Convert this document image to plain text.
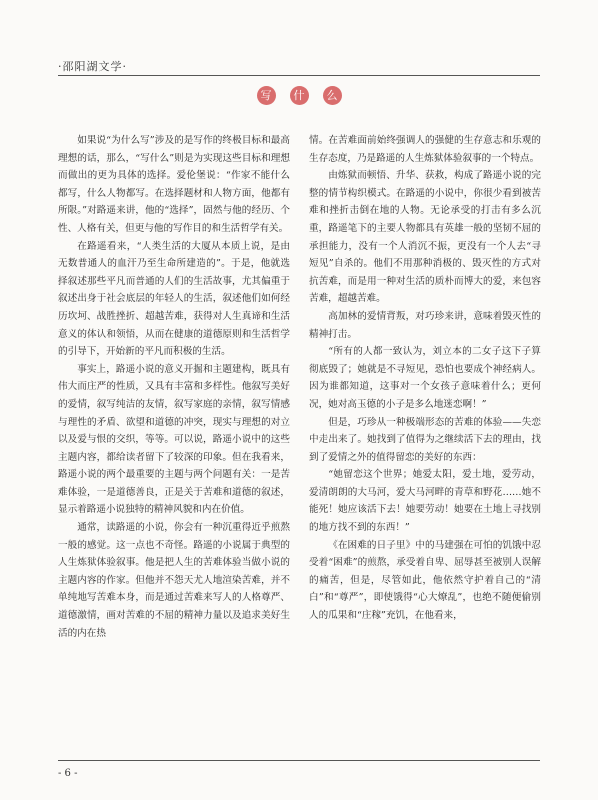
·邵阳湖文学·
写	什	么

如果说“为什么写”涉及的是写作的终极目标和最高理想的话，那么，“写什么”则是为实现这些目标和理想而做出的更为具体的选择。爱伦堡说：“作家不能什么都写，什么人物都写。在选择题材和人物方面，他都有所限。”对路遥来讲，他的“选择”，固然与他的经历、个性、人格有关，但更与他的写作目的和生活哲学有关。

在路遥看来，“人类生活的大厦从本质上说，是由无数普通人的血汗乃至生命所建造的”。于是，他就选择叙述那些平凡而普通的人们的生活故事，尤其偏重于叙述出身于社会底层的年轻人的生活，叙述他们如何经历坎坷、战胜挫折、超越苦难，获得对人生真谛和生活意义的体认和领悟，从而在健康的道德原则和生活哲学的引导下，开始新的平凡而积极的生活。

事实上，路遥小说的意义开掘和主题建构，既具有伟大而庄严的性质，又具有丰富和多样性。他叙写美好的爱情，叙写纯洁的友情，叙写家庭的亲情，叙写情感与理性的矛盾、欲望和道德的冲突，现实与理想的对立以及爱与恨的交织，等等。可以说，路遥小说中的这些主题内容，都给读者留下了较深的印象。但在我看来，路遥小说的两个最重要的主题与两个问题有关：一是苦难体验，一是道德善良，正是关于苦难和道德的叙述，显示着路遥小说独特的精神风貌和内在价值。

通常，读路遥的小说，你会有一种沉重得近乎煎熬一般的感觉。这一点也不奇怪。路遥的小说属于典型的人生炼狱体验叙事。他是把人生的苦难体验当做小说的主题内容的作家。但他并不怨天尤人地渲染苦难，并不单纯地写苦难本身，而是通过苦难来写人的人格尊严、道德激情，画对苦难的不屈的精神力量以及追求美好生活的内在热

情。在苦难面前始终强调人的强健的生存意志和乐观的生存态度，乃是路遥的人生炼狱体验叙事的一个特点。

由炼狱而顿悟、升华、获救，构成了路遥小说的完整的情节构织模式。在路遥的小说中，你很少看到被苦难和挫折击倒在地的人物。无论承受的打击有多么沉重，路遥笔下的主要人物都具有英雄一般的坚韧不屈的承担能力，没有一个人消沉不振，更没有一个人去“寻短见”自杀的。他们不用那种消极的、毁灭性的方式对抗苦难，而是用一种对生活的质朴而博大的爱，来包容苦难，超越苦难。

高加林的爱情背叛，对巧珍来讲，意味着毁灭性的精神打击。

“所有的人都一致认为，刘立本的二女子这下子算彻底毁了；她就是不寻短见，恐怕也要成个神经病人。因为谁都知道，这事对一个女孩子意味着什么；更何况，她对高玉德的小子是多么地迷恋啊！”

但是，巧珍从一种极端形态的苦难的体验——失恋中走出来了。她找到了值得为之继续活下去的理由，找到了爱情之外的值得留恋的美好的东西：

“她留恋这个世界；她爱太阳，爱土地，爱劳动，爱清朗朗的大马河，爱大马河畔的青草和野花……她不能死！她应该活下去！她要劳动！她要在土地上寻找别的地方找不到的东西！”

《在困难的日子里》中的马建强在可怕的饥饿中忍受着“困难”的煎熬，承受着自卑、屈辱甚至被别人误解的痛苦，但是，尽管如此，他依然守护着自己的“清白”和“尊严”，即使饿得“心大燎乱”，也绝不随便偷别人的瓜果和“庄稼”充饥，在他看来，

- 6 -
